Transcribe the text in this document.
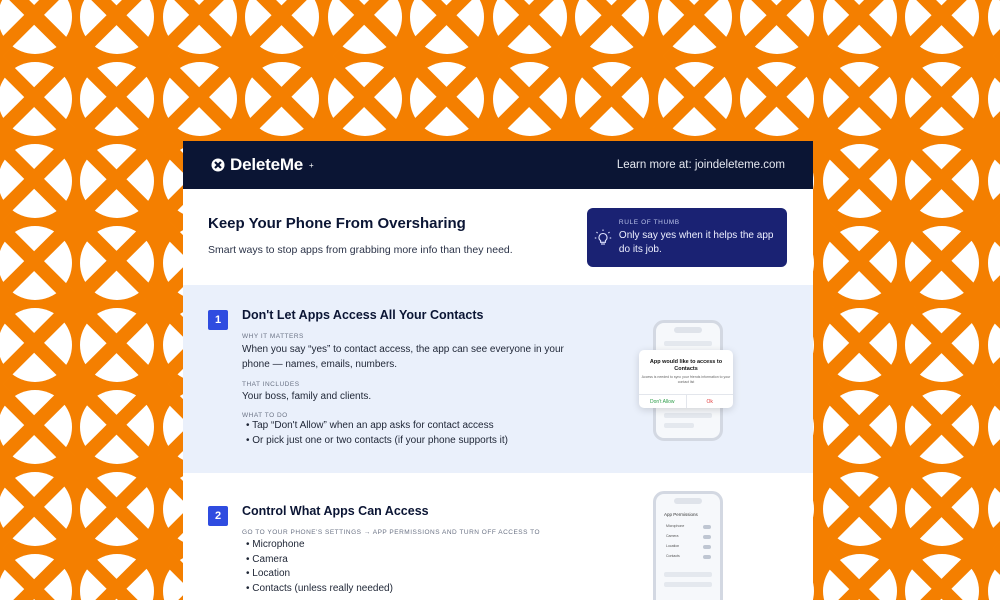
DeleteMe +	Learn more at: joindeleteme.com
Keep Your Phone From Oversharing

Smart ways to stop apps from grabbing more info than they need.

RULE OF THUMB
Only say yes when it helps the app do its job.
1	Don't Let Apps Access All Your Contacts
WHY IT MATTERS
When you say “yes” to contact access, the app can see everyone in your phone — names, emails, numbers.
THAT INCLUDES
Your boss, family and clients.
WHAT TO DO
• Tap “Don't Allow” when an app asks for contact access
• Or pick just one or two contacts (if your phone supports it)
App would like to access to Contacts
Access is needed to sync your friends information to your contact list
Don't Allow	Ok
2	Control What Apps Can Access
GO TO YOUR PHONE'S SETTINGS → APP PERMISSIONS AND TURN OFF ACCESS TO
• Microphone
• Camera
• Location
• Contacts (unless really needed)
App Permissions
Microphone
Camera
Location
Contacts
